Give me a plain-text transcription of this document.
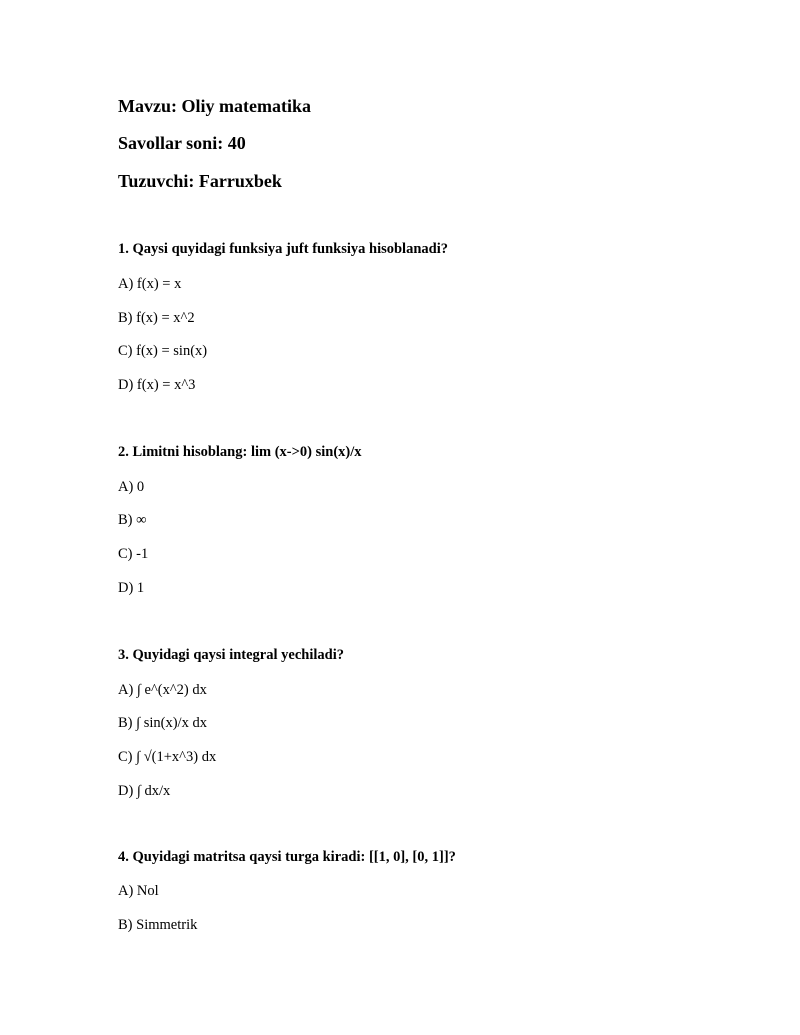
Mavzu: Oliy matematika

Savollar soni: 40

Tuzuvchi: Farruxbek

1. Qaysi quyidagi funksiya juft funksiya hisoblanadi?

A) f(x) = x

B) f(x) = x^2

C) f(x) = sin(x)

D) f(x) = x^3

2. Limitni hisoblang: lim (x->0) sin(x)/x

A) 0

B) ∞

C) -1

D) 1

3. Quyidagi qaysi integral yechiladi?

A) ∫ e^(x^2) dx

B) ∫ sin(x)/x dx

C) ∫ √(1+x^3) dx

D) ∫ dx/x

4. Quyidagi matritsa qaysi turga kiradi: [[1, 0], [0, 1]]?

A) Nol

B) Simmetrik
